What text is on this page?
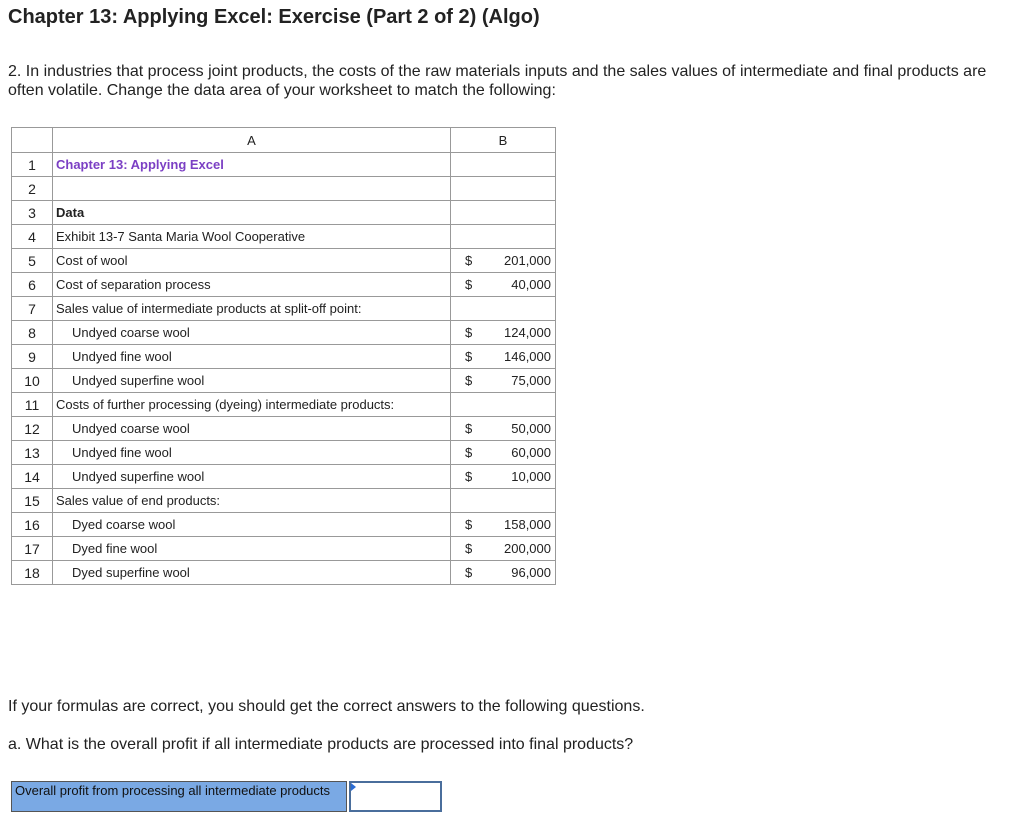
Chapter 13: Applying Excel: Exercise (Part 2 of 2) (Algo)
2. In industries that process joint products, the costs of the raw materials inputs and the sales values of intermediate and final products are often volatile. Change the data area of your worksheet to match the following:
	A	B
1	Chapter 13: Applying Excel	
2		
3	Data	
4	Exhibit 13-7 Santa Maria Wool Cooperative	
5	Cost of wool	$ 201,000

6	Cost of separation process	$ 40,000

7	Sales value of intermediate products at split-off point:	
8	Undyed coarse wool	$ 124,000

9	Undyed fine wool	$ 146,000

10	Undyed superfine wool	$ 75,000

11	Costs of further processing (dyeing) intermediate products:	
12	Undyed coarse wool	$ 50,000

13	Undyed fine wool	$ 60,000

14	Undyed superfine wool	$ 10,000

15	Sales value of end products:	
16	Dyed coarse wool	$ 158,000

17	Dyed fine wool	$ 200,000

18	Dyed superfine wool	$ 96,000
If your formulas are correct, you should get the correct answers to the following questions.
a. What is the overall profit if all intermediate products are processed into final products?
Overall profit from processing all intermediate products
